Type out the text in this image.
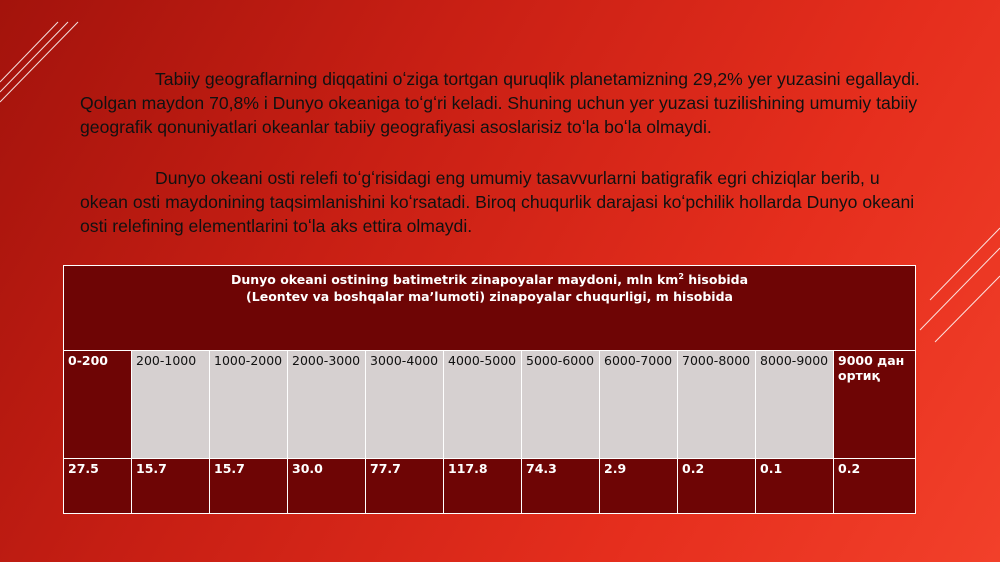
Tabiiy geograflarning diqqatini oʻziga tortgan quruqlik planetamizning 29,2% yer yuzasini egallaydi. Qolgan maydon 70,8% i Dunyo okeaniga toʻgʻri keladi. Shuning uchun yer yuzasi tuzilishining umumiy tabiiy geografik qonuniyatlari okeanlar tabiiy geografiyasi asoslarisiz toʻla boʻla olmaydi.
Dunyo okeani osti relefi toʻgʻrisidagi eng umumiy tasavvurlarni batigrafik egri chiziqlar berib, u okean osti maydonining taqsimlanishini koʻrsatadi. Biroq chuqurlik darajasi koʻpchilik hollarda Dunyo okeani osti relefining elementlarini toʻla aks ettira olmaydi.
Dunyo okeani ostining batimetrik zinapoyalar maydoni, mln $km^2$ hisobida
(Leontev va boshqalar maʼlumoti) zinapoyalar chuqurligi, m hisobida										

0-200	200-1000	1000-2000	2000-3000	3000-4000	4000-5000	5000-6000	6000-7000	7000-8000	8000-9000	9000 дан ортиқ
27.5	15.7	15.7	30.0	77.7	117.8	74.3	2.9	0.2	0.1	0.2
